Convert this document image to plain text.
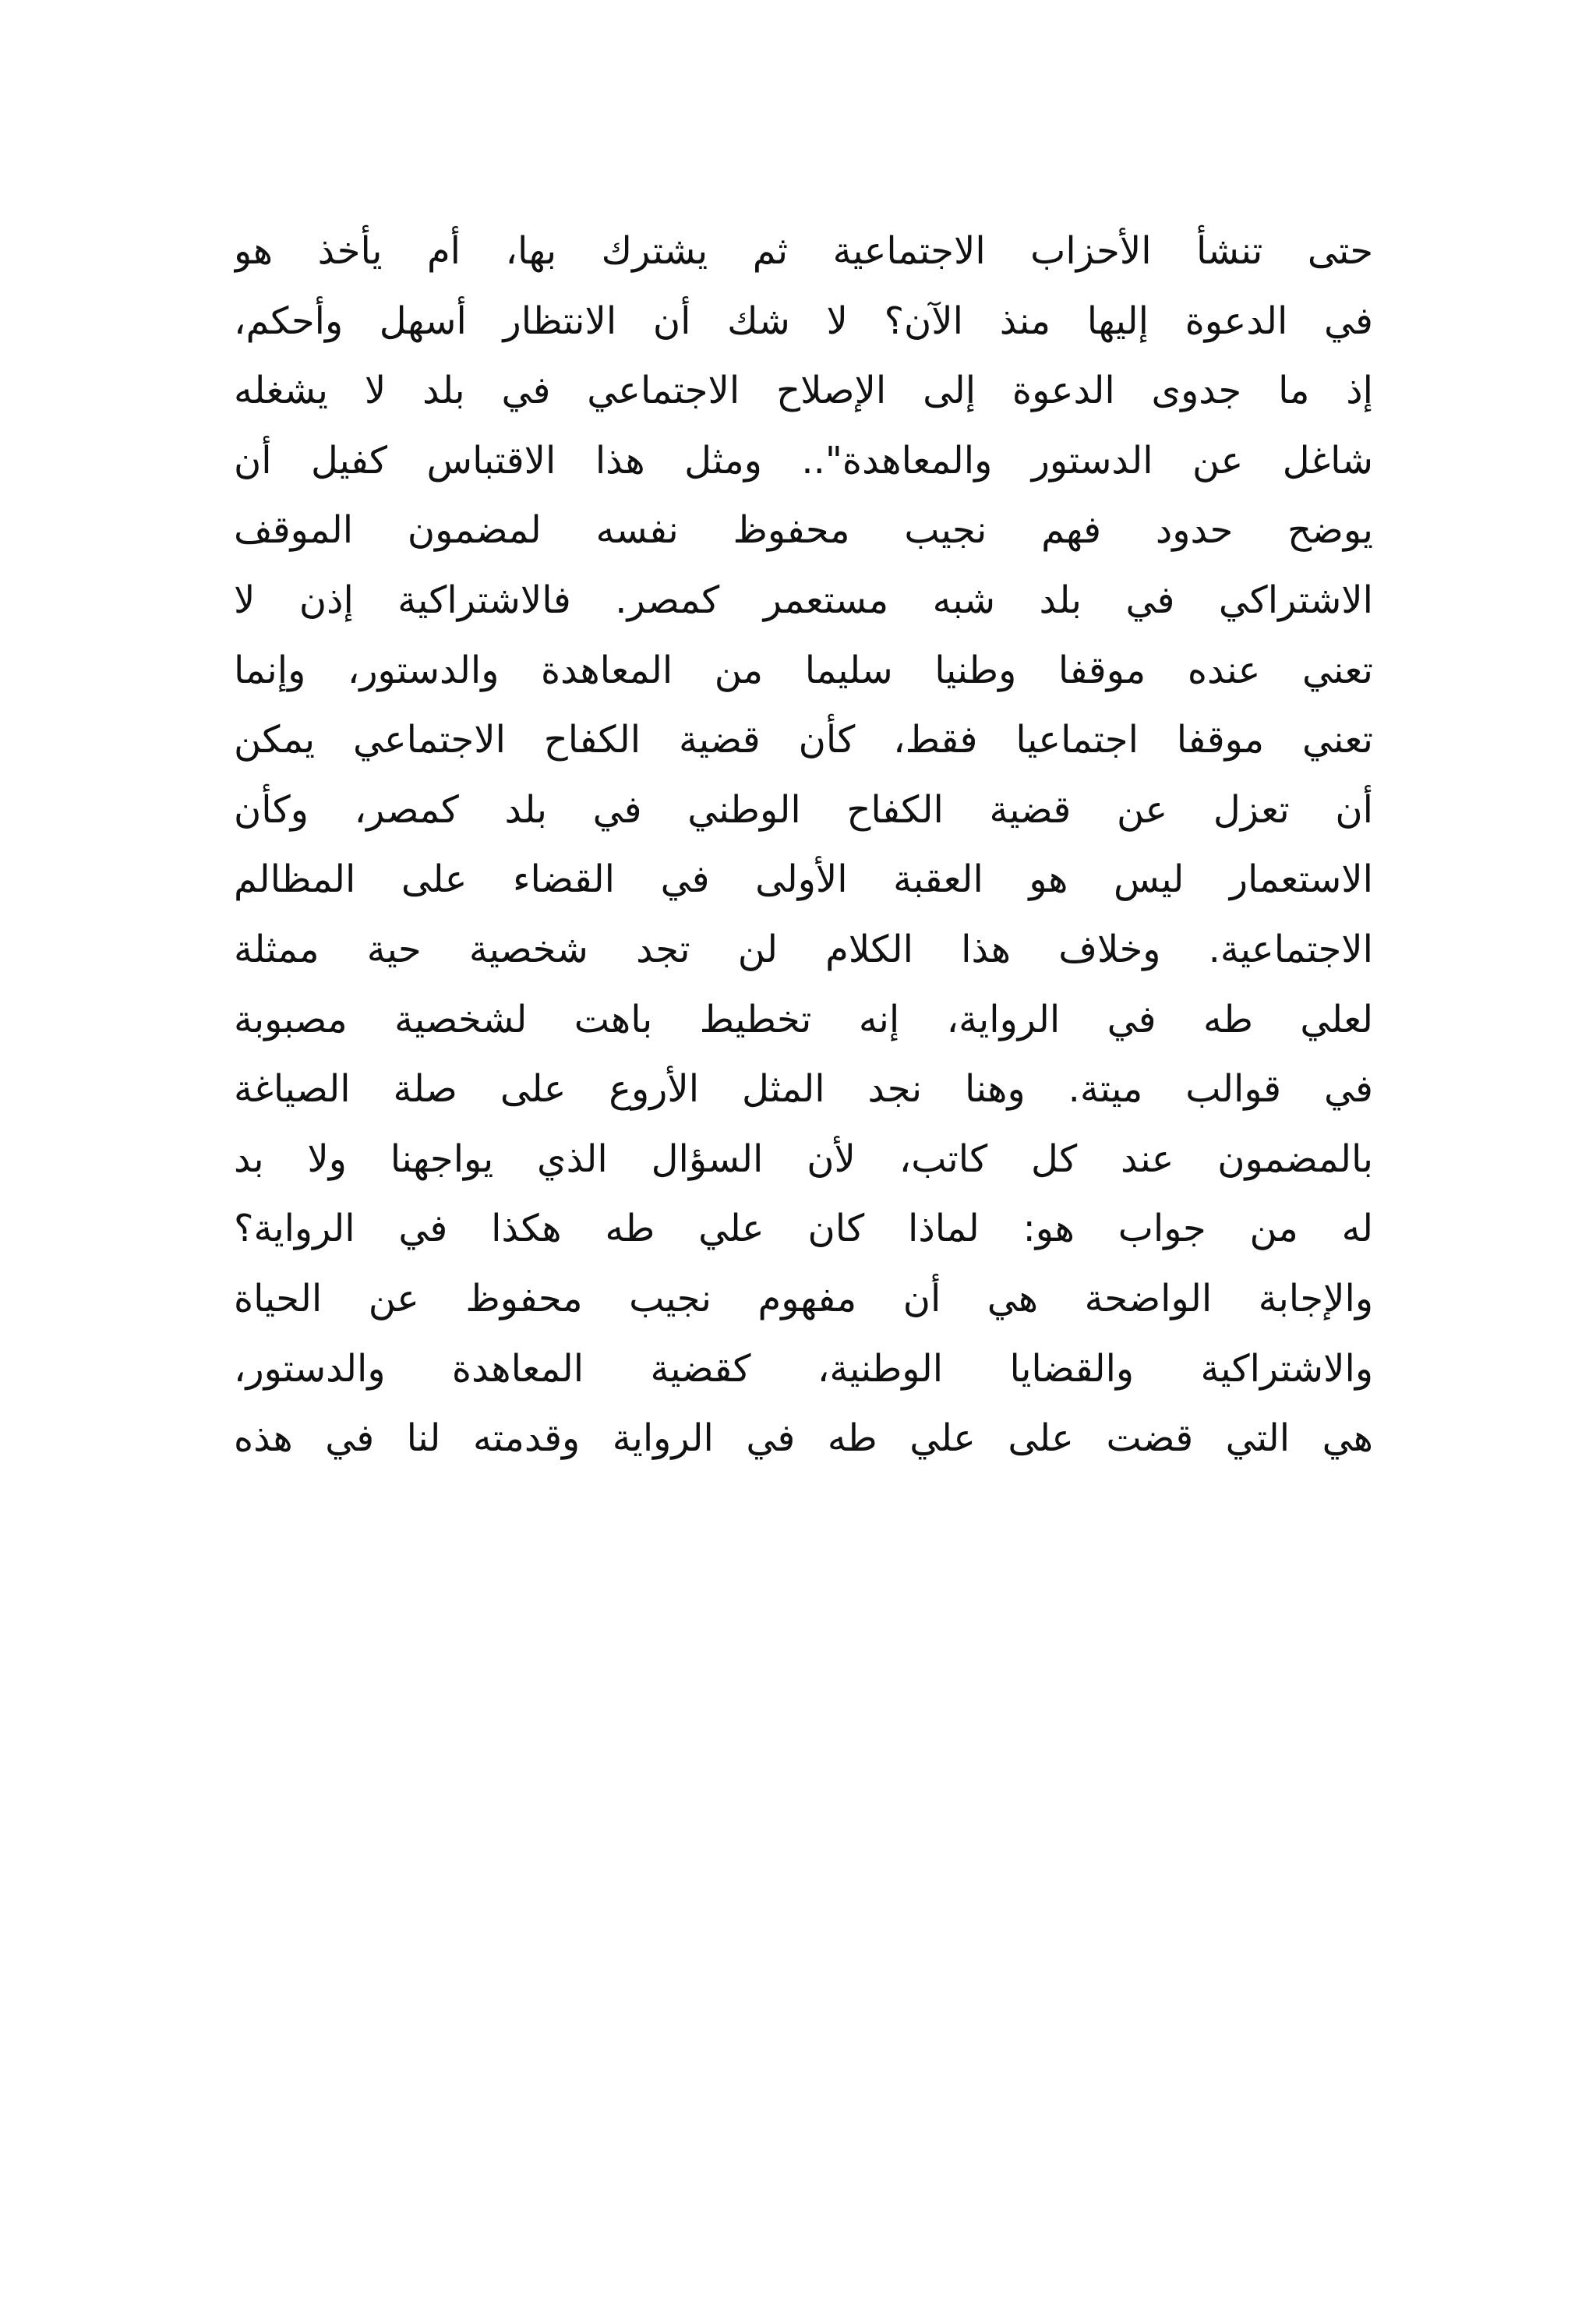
حتى تنشأ الأحزاب الاجتماعية ثم يشترك بها، أم يأخذ هو
في الدعوة إليها منذ الآن؟ لا شك أن الانتظار أسهل وأحكم،
إذ ما جدوى الدعوة إلى الإصلاح الاجتماعي في بلد لا يشغله
شاغل عن الدستور والمعاهدة".. ومثل هذا الاقتباس كفيل أن
يوضح حدود فهم نجيب محفوظ نفسه لمضمون الموقف
الاشتراكي في بلد شبه مستعمر كمصر. فالاشتراكية إذن لا
تعني عنده موقفا وطنيا سليما من المعاهدة والدستور، وإنما
تعني موقفا اجتماعيا فقط، كأن قضية الكفاح الاجتماعي يمكن
أن تعزل عن قضية الكفاح الوطني في بلد كمصر، وكأن
الاستعمار ليس هو العقبة الأولى في القضاء على المظالم
الاجتماعية. وخلاف هذا الكلام لن تجد شخصية حية ممثلة
لعلي طه في الرواية، إنه تخطيط باهت لشخصية مصبوبة
في قوالب ميتة. وهنا نجد المثل الأروع على صلة الصياغة
بالمضمون عند كل كاتب، لأن السؤال الذي يواجهنا ولا بد
له من جواب هو: لماذا كان علي طه هكذا في الرواية؟
والإجابة الواضحة هي أن مفهوم نجيب محفوظ عن الحياة
والاشتراكية والقضايا الوطنية، كقضية المعاهدة والدستور،
هي التي قضت على علي طه في الرواية وقدمته لنا في هذه
